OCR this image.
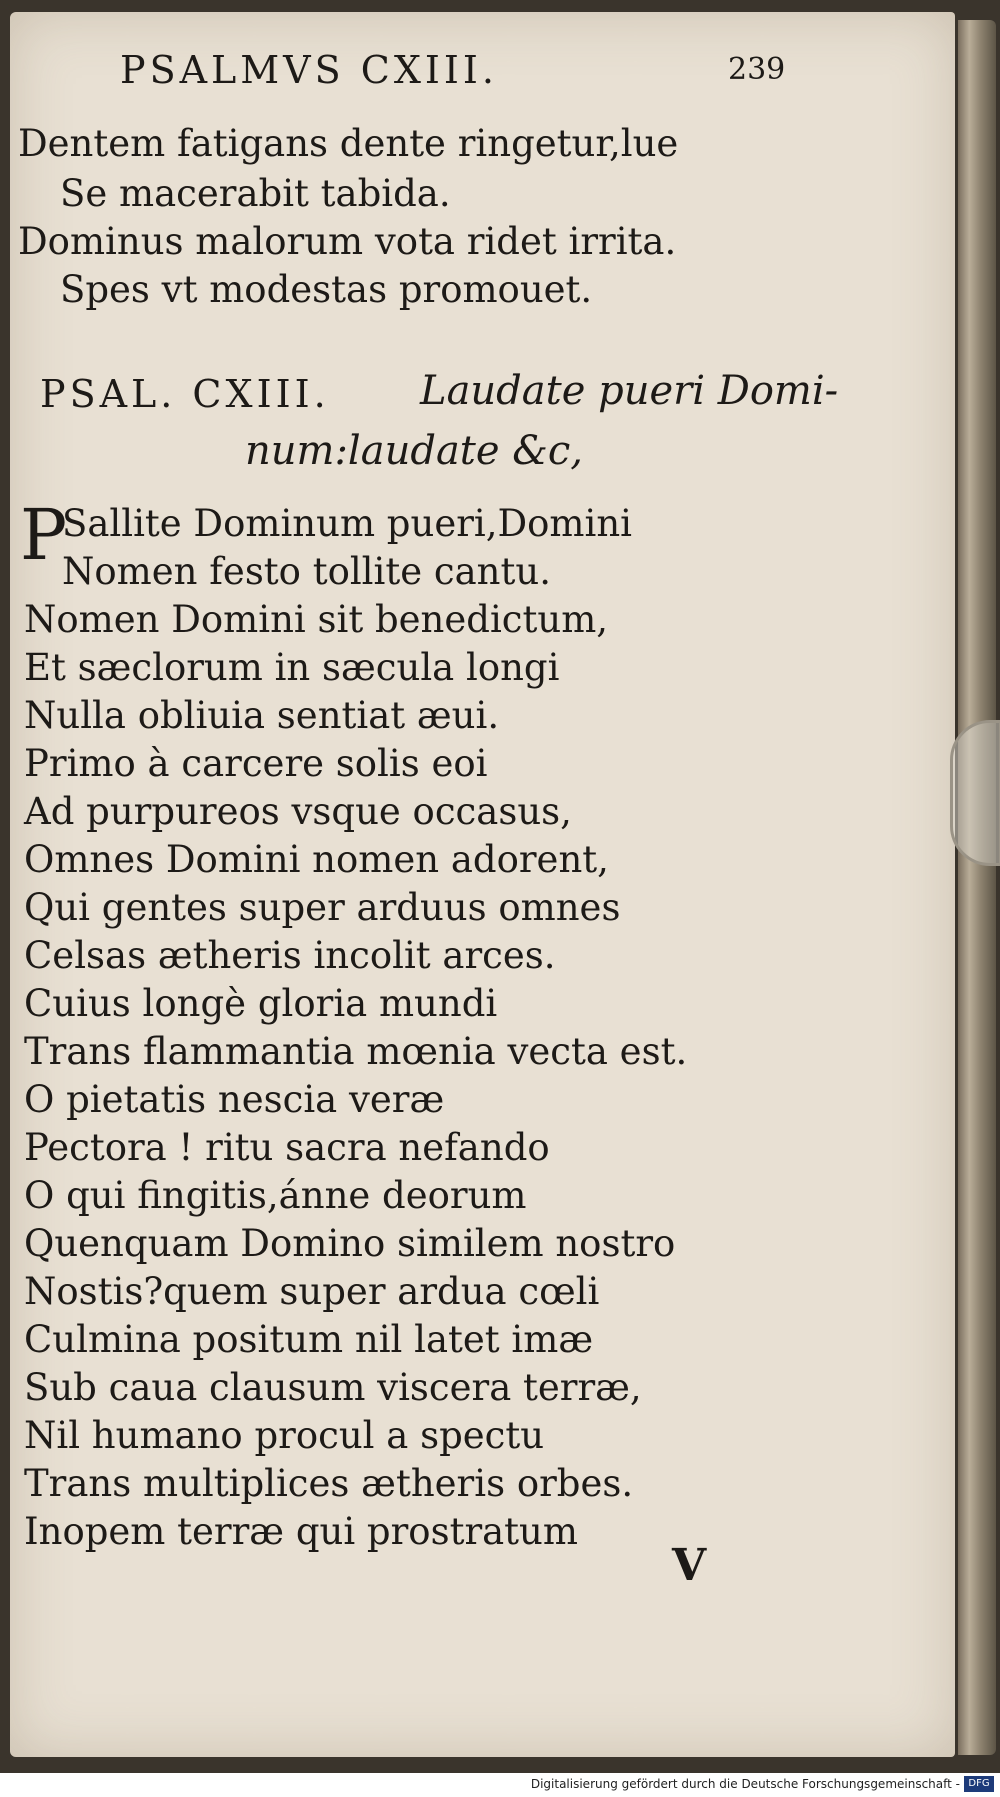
PSALMVS CXIII.	239
Dentem fatigans dente ringetur,lue
Se macerabit tabida.
Dominus malorum vota ridet irrita.
Spes vt modestas promouet.
PSAL. CXIII. Laudate pueri Domi-
num:laudate &c,
P
Sallite Dominum pueri,Domini
Nomen festo tollite cantu.
Nomen Domini sit benedictum,
Et sæclorum in sæcula longi
Nulla obliuia sentiat æui.
Primo à carcere solis eoi
Ad purpureos vsque occasus,
Omnes Domini nomen adorent,
Qui gentes super arduus omnes
Celsas ætheris incolit arces.
Cuius longè gloria mundi
Trans flammantia mœnia vecta est.
O pietatis nescia veræ
Pectora ! ritu sacra nefando
O qui fingitis,ánne deorum
Quenquam Domino similem nostro
Nostis?quem super ardua cœli
Culmina positum nil latet imæ
Sub caua clausum viscera terræ,
Nil humano procul a spectu
Trans multiplices ætheris orbes.
Inopem terræ qui prostratum
V
Digitalisierung gefördert durch die Deutsche Forschungsgemeinschaft - DFG
